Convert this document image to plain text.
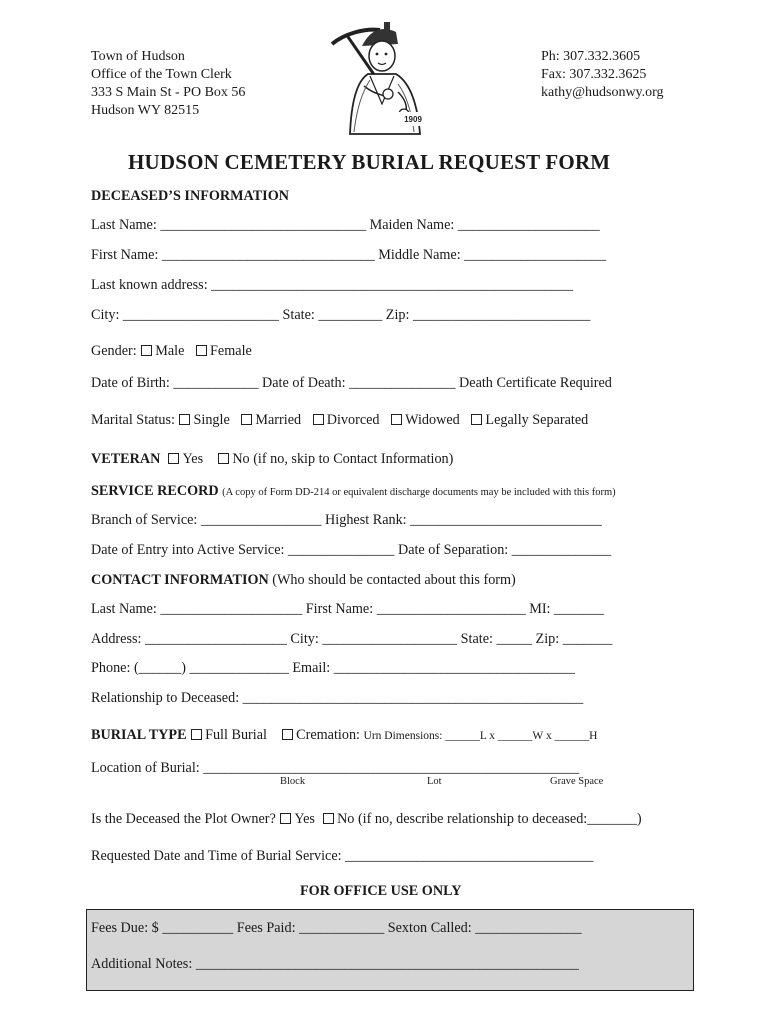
Town of Hudson
Office of the Town Clerk
333 S Main St - PO Box 56
Hudson WY 82515
Ph: 307.332.3605
Fax: 307.332.3625
kathy@hudsonwy.org
1909
HUDSON CEMETERY BURIAL REQUEST FORM
DECEASED’S INFORMATION
Last Name: _____________________________ Maiden Name: ____________________
First Name: ______________________________ Middle Name: ____________________
Last known address: ___________________________________________________
City: ______________________ State: _________ Zip: _________________________
Gender: Male Female
Date of Birth: ____________ Date of Death: _______________ Death Certificate Required
Marital Status: Single Married Divorced Widowed Legally Separated
VETERAN Yes No (if no, skip to Contact Information)
SERVICE RECORD (A copy of Form DD-214 or equivalent discharge documents may be included with this form)
Branch of Service: _________________ Highest Rank: ___________________________
Date of Entry into Active Service: _______________ Date of Separation: ______________
CONTACT INFORMATION (Who should be contacted about this form)
Last Name: ____________________ First Name: _____________________ MI: _______
Address: ____________________ City: ___________________ State: _____ Zip: _______
Phone: (______) ______________ Email: __________________________________
Relationship to Deceased: ________________________________________________
BURIAL TYPE Full Burial Cremation: Urn Dimensions: ______L x ______W x ______H
Location of Burial: _____________________________________________________
Block	Lot	Grave Space
Is the Deceased the Plot Owner? Yes No (if no, describe relationship to deceased:_______)
Requested Date and Time of Burial Service: ___________________________________
FOR OFFICE USE ONLY
Fees Due: $ __________ Fees Paid: ____________ Sexton Called: _______________
Additional Notes: ______________________________________________________
